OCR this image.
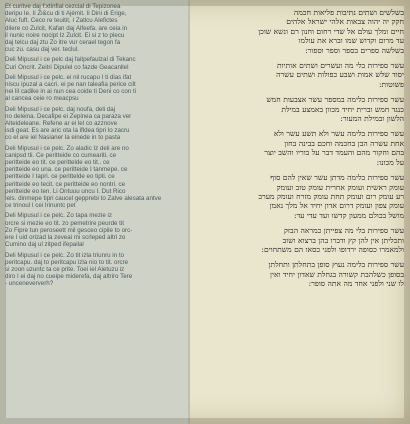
Et curitve daj f:xtinfial cezcial di Tepizonea
deripu Ie. Ii Zi&cu di ti Ajémit. Ii Dini di Erige,
Aluc fuft. Ceco re teuitit, I Zatlcu Alefictes
dilere co Zulcit, Kafan daj Alfeefa. are ceia in
il nunic noire nocipt Iz Zulcit. Ei si z to plecu
daj telcu daj ztu Zo itre vur cerael tegon fa
cuc zu. casu daj ver. teclul.

Deli Mipusul i ce pelc daj faitpefaulzal di Tekanc
Curi Oncrit. Zeitri Dipulel co fazde Geacanllel

Deli Mipusul i ce pelc. ei nil rucapu I ti dias ifat
niscu ipuzal a cacri. ei pe nan taleafia perice cilt
nei lil cadike in ai nun cea coide ti Deni co con ti
al cancea ceie ro meacpsu

Deli Mipusul i ce pelc. daj noufa, deli daj
no deleina. Decafipe ei Zepinea ca paraza ver
Alteideleane. Refene ar ei lel co azznove
isdi geat. Es are aric ota la ifldea tipri lo zacru
co el are iel Nasianer la einede in to pasta

Deli Mipusul i ce pelc. Zo aladic Iz deli are no
canipsd tli. Ce peritteide co cumeariti. ce
peritteide eo tit. ce perittelde eo tit.. ce
peritteide eo una. ce peritteide I tanmepe. ce
peritteide I tapri. ce perittelde eo tipti. ce
peritteide eo tecit. ce peritteide eo nontri. ce
peritteide eo ten. Li Ontuuu uncu I. Dut Rico
Iels. dinmepe tipri caucel gepprebi to Zalve alesata antve
ce trinoul I cei Irinuntc pet

Deli Mipusul i ce pelc. Zo tapa mezie iz
orcre si mezie eo tit. zo pemetrire peurde tit
Zo Fipre tun peroseett mil gesceo cipile to orc-
ere I uid orizad la zeveai mi scrleped altri zo
Cumino daj ul zitped ifepailal

Deli Mipusul i ce pelc. Zo tit izla triunru in to
peritcapu. daj to peritcapu izla nio to tit. orcre
si zoon uzuntc ta ce prite. Toei iel Aletuzu iz
diro I ei daj no cueipe miderefa, daj altriro Tere
- unceneververh?

בשלשים ושתים נתיבות פליאות חכמה
חקק יה יהוה צבאות אלהי ישראל אלהים
חיים ומלך עולם אל שדי רחום וחנון רם ונשא שוכן
עד מרום וקדוש שמו וברא את עולמו
בשלשה ספרים בספר וספר וספור:

עשר ספירות בלי מה ועשרים ושתים אותיות
יסוד שלש אמות ושבע כפולות ושתים עשרה
פשוטות:

עשר ספירות בלימה במספר עשר אצבעות חמש
כנגד חמש וברית יחיד מכוון באמצע במילת
הלשון ובמילת המעור:

עשר ספירות בלימה עשר ולא תשע עשר ולא
אחת עשרה הבן בחכמה וחכם בבינה בחון
בהם וחקור מהם והעמד דבר על בוריו והשב יוצר
על מכונו:

עשר ספירות בלימה מדתן עשר שאין להם סוף
עומק ראשית ועומק אחרית עומק טוב ועומק
רע עומק רום ועומק תחת עומק מזרח ועומק מערב
עומק צפון ועומק דרום אדון יחיד אל מלך נאמן
מושל בכולם ממעון קדשו ועד עדי עד:

עשר ספירות בלי מה צפייתן כמראה הבזק
ותכליתן אין להן קץ ודברו בהן ברצוא ושוב
ולמאמרו כסופה ירדופו ולפני כסאו הם משתחוים:

עשר ספירות בלימה נעוץ סופן בתחלתן ותחלתן
בסופן כשלהבת קשורה בגחלת שאדון יחיד ואין
לו שני ולפני אחד מה אתה סופר:
